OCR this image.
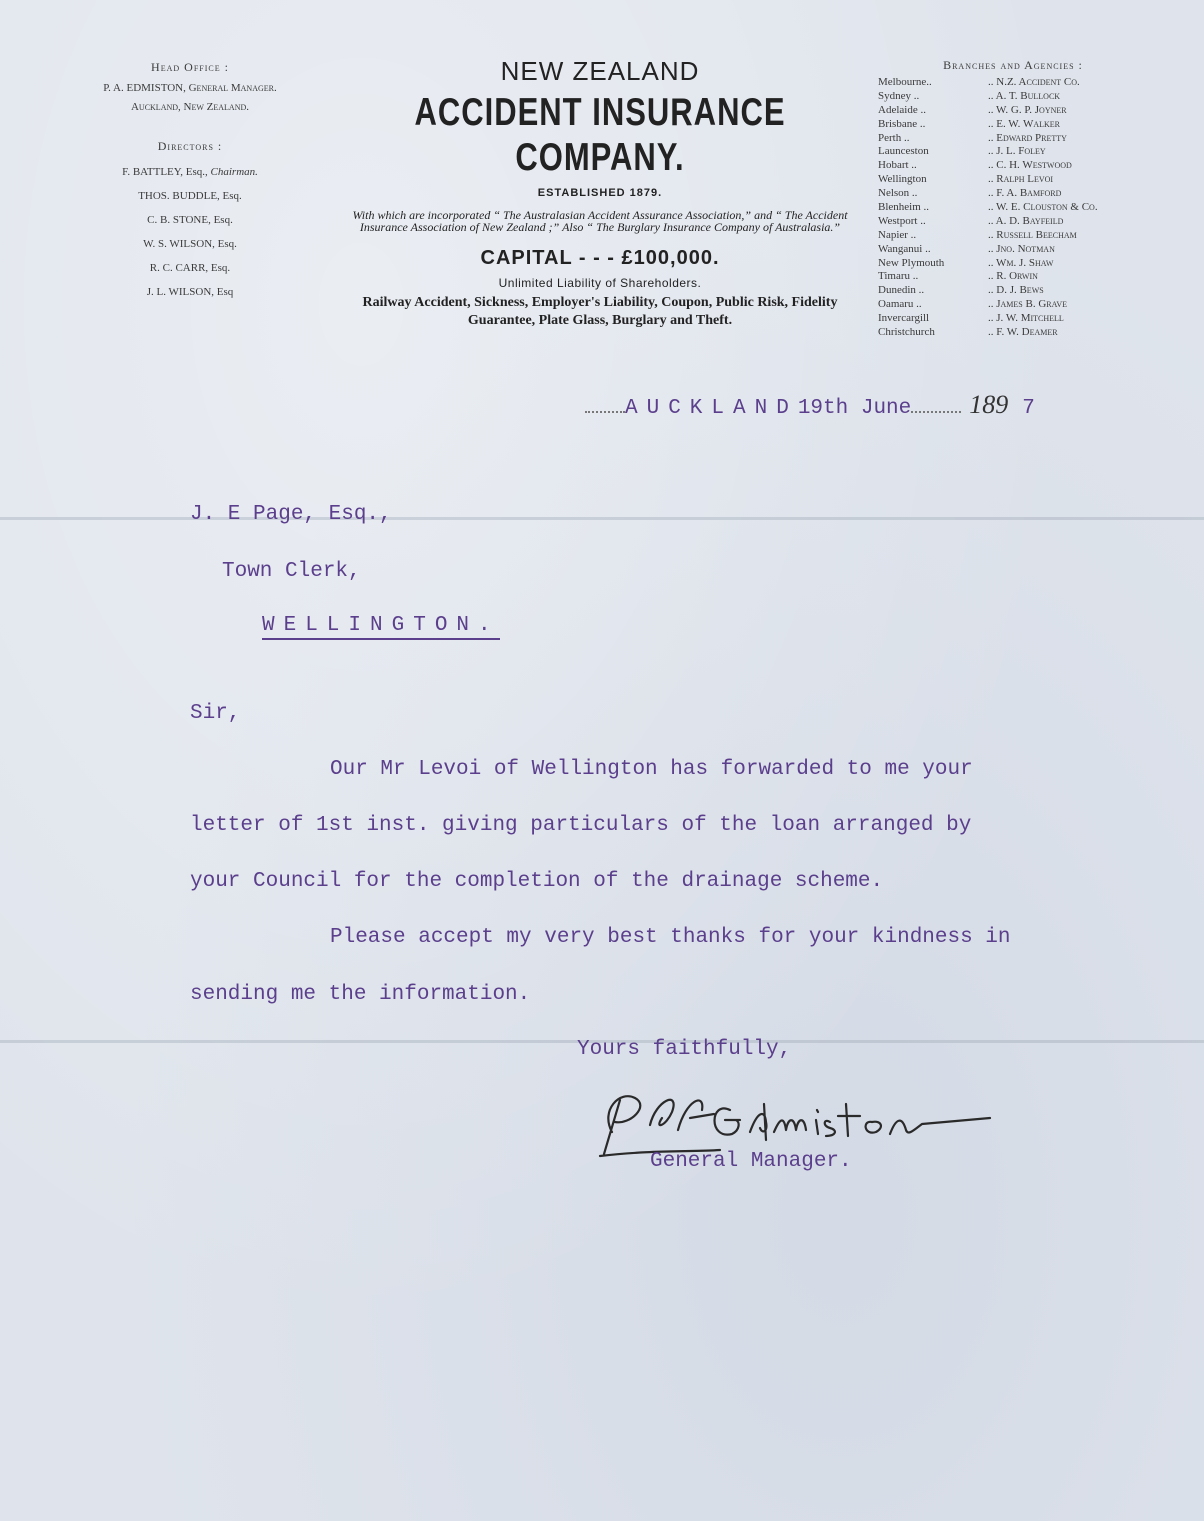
Head Office :
P. A. EDMISTON, General Manager.
Auckland, New Zealand.
Directors :
F. BATTLEY, Esq., Chairman.
THOS. BUDDLE, Esq.
C. B. STONE, Esq.
W. S. WILSON, Esq.
R. C. CARR, Esq.
J. L. WILSON, Esq
NEW ZEALAND
ACCIDENT INSURANCE COMPANY.
ESTABLISHED 1879.
With which are incorporated “ The Australasian Accident Assurance Association,” and “ The Accident Insurance Association of New Zealand ;” Also “ The Burglary Insurance Company of Australasia.”
CAPITAL - - - £100,000.
Unlimited Liability of Shareholders.
Railway Accident, Sickness, Employer's Liability, Coupon, Public Risk, Fidelity Guarantee, Plate Glass, Burglary and Theft.
Branches and Agencies :
Melbourne..	.. N.Z. Accident Co.
Sydney ..	.. A. T. Bullock
Adelaide ..	.. W. G. P. Joyner
Brisbane ..	.. E. W. Walker
Perth ..	.. Edward Pretty
Launceston	.. J. L. Foley
Hobart ..	.. C. H. Westwood
Wellington	.. Ralph Levoi
Nelson ..	.. F. A. Bamford
Blenheim ..	.. W. E. Clouston & Co.
Westport ..	.. A. D. Bayfeild
Napier ..	.. Russell Beecham
Wanganui ..	.. Jno. Notman
New Plymouth	.. Wm. J. Shaw
Timaru ..	.. R. Orwin
Dunedin ..	.. D. J. Bews
Oamaru ..	.. James B. Grave
Invercargill	.. J. W. Mitchell
Christchurch	.. F. W. Deamer
AUCKLAND 19th June 189 7
J. E Page, Esq.,
Town Clerk,
WELLINGTON.
Sir,
Our Mr Levoi of Wellington has forwarded to me your
letter of 1st inst. giving particulars of the loan arranged by
your Council for the completion of the drainage scheme.
Please accept my very best thanks for your kindness in
sending me the information.
Yours faithfully,
General Manager.
